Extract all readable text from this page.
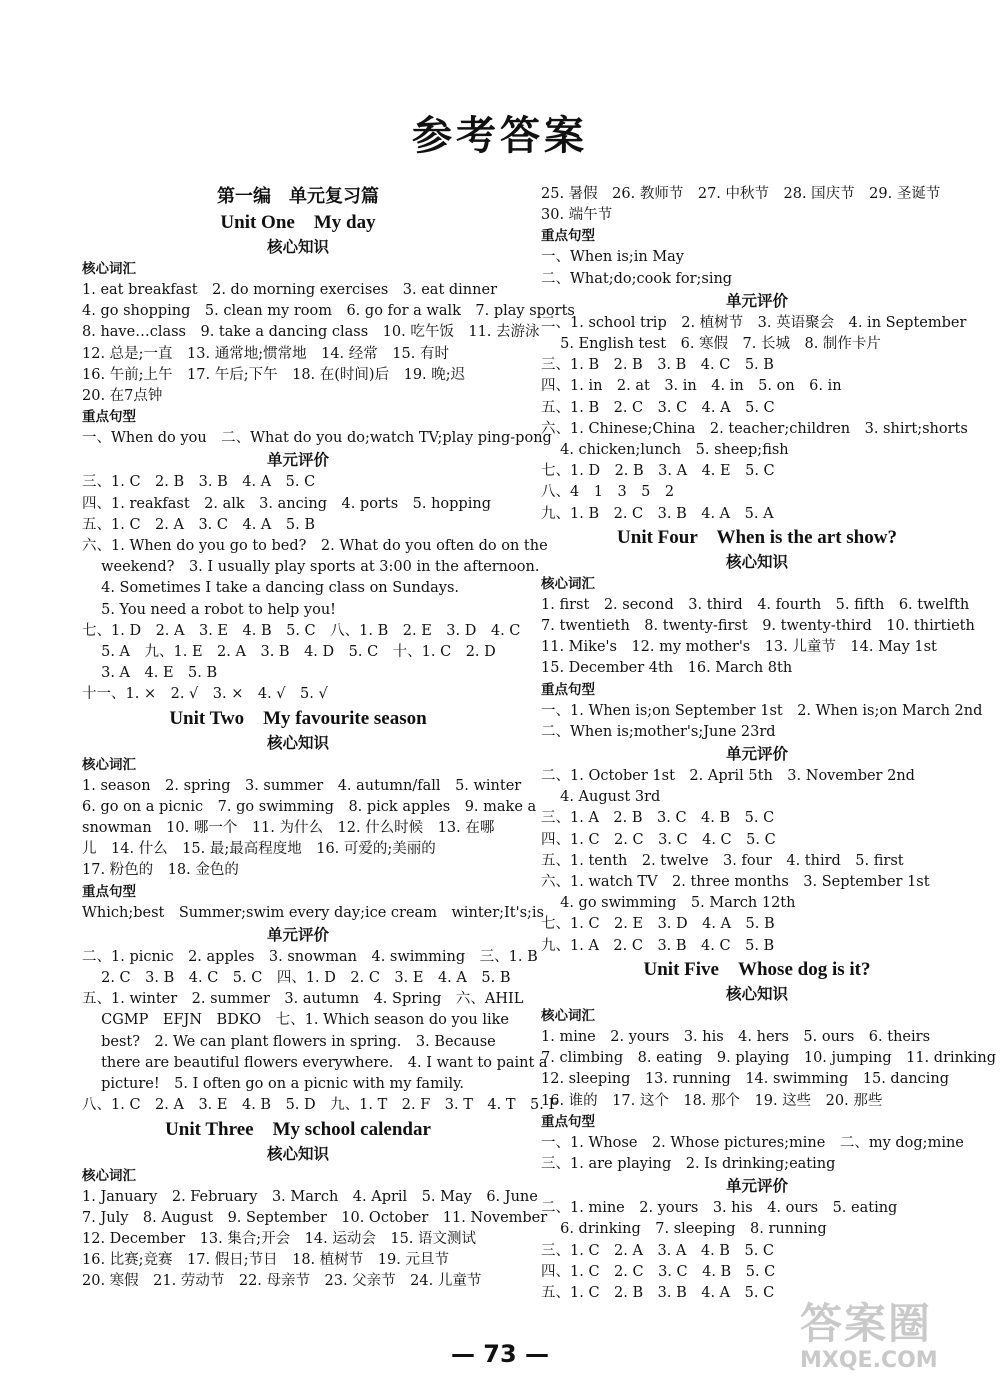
参考答案
第一编　单元复习篇
Unit One　My day
核心知识
核心词汇
1. eat breakfast　2. do morning exercises　3. eat dinner
4. go shopping　5. clean my room　6. go for a walk　7. play sports
8. have…class　9. take a dancing class　10. 吃午饭　11. 去游泳
12. 总是;一直　13. 通常地;惯常地　14. 经常　15. 有时
16. 午前;上午　17. 午后;下午　18. 在(时间)后　19. 晚;迟
20. 在7点钟
重点句型
一、When do you　二、What do you do;watch TV;play ping-pong
单元评价
三、1. C　2. B　3. B　4. A　5. C
四、1. reakfast　2. alk　3. ancing　4. ports　5. hopping
五、1. C　2. A　3. C　4. A　5. B
六、1. When do you go to bed?　2. What do you often do on the
　 weekend?　3. I usually play sports at 3:00 in the afternoon.
　 4. Sometimes I take a dancing class on Sundays.
　 5. You need a robot to help you!
七、1. D　2. A　3. E　4. B　5. C　八、1. B　2. E　3. D　4. C
　 5. A　九、1. E　2. A　3. B　4. D　5. C　十、1. C　2. D
　 3. A　4. E　5. B
十一、1. ×　2. √　3. ×　4. √　5. √
Unit Two　My favourite season
核心知识
核心词汇
1. season　2. spring　3. summer　4. autumn/fall　5. winter
6. go on a picnic　7. go swimming　8. pick apples　9. make a
snowman　10. 哪一个　11. 为什么　12. 什么时候　13. 在哪
儿　14. 什么　15. 最;最高程度地　16. 可爱的;美丽的
17. 粉色的　18. 金色的
重点句型
Which;best　Summer;swim every day;ice cream　winter;It's;is
单元评价
二、1. picnic　2. apples　3. snowman　4. swimming　三、1. B
　 2. C　3. B　4. C　5. C　四、1. D　2. C　3. E　4. A　5. B
五、1. winter　2. summer　3. autumn　4. Spring　六、AHIL
　 CGMP　EFJN　BDKO　七、1. Which season do you like
　 best?　2. We can plant flowers in spring.　3. Because
　 there are beautiful flowers everywhere.　4. I want to paint a
　 picture!　5. I often go on a picnic with my family.
八、1. C　2. A　3. E　4. B　5. D　九、1. T　2. F　3. T　4. T　5. F
Unit Three　My school calendar
核心知识
核心词汇
1. January　2. February　3. March　4. April　5. May　6. June
7. July　8. August　9. September　10. October　11. November
12. December　13. 集合;开会　14. 运动会　15. 语文测试
16. 比赛;竞赛　17. 假日;节日　18. 植树节　19. 元旦节
20. 寒假　21. 劳动节　22. 母亲节　23. 父亲节　24. 儿童节
25. 暑假　26. 教师节　27. 中秋节　28. 国庆节　29. 圣诞节
30. 端午节
重点句型
一、When is;in May
二、What;do;cook for;sing
单元评价
二、1. school trip　2. 植树节　3. 英语聚会　4. in September
　 5. English test　6. 寒假　7. 长城　8. 制作卡片
三、1. B　2. B　3. B　4. C　5. B
四、1. in　2. at　3. in　4. in　5. on　6. in
五、1. B　2. C　3. C　4. A　5. C
六、1. Chinese;China　2. teacher;children　3. shirt;shorts
　 4. chicken;lunch　5. sheep;fish
七、1. D　2. B　3. A　4. E　5. C
八、4　1　3　5　2
九、1. B　2. C　3. B　4. A　5. A
Unit Four　When is the art show?
核心知识
核心词汇
1. first　2. second　3. third　4. fourth　5. fifth　6. twelfth
7. twentieth　8. twenty-first　9. twenty-third　10. thirtieth
11. Mike's　12. my mother's　13. 儿童节　14. May 1st
15. December 4th　16. March 8th
重点句型
一、1. When is;on September 1st　2. When is;on March 2nd
二、When is;mother's;June 23rd
单元评价
二、1. October 1st　2. April 5th　3. November 2nd
　 4. August 3rd
三、1. A　2. B　3. C　4. B　5. C
四、1. C　2. C　3. C　4. C　5. C
五、1. tenth　2. twelve　3. four　4. third　5. first
六、1. watch TV　2. three months　3. September 1st
　 4. go swimming　5. March 12th
七、1. C　2. E　3. D　4. A　5. B
九、1. A　2. C　3. B　4. C　5. B
Unit Five　Whose dog is it?
核心知识
核心词汇
1. mine　2. yours　3. his　4. hers　5. ours　6. theirs
7. climbing　8. eating　9. playing　10. jumping　11. drinking
12. sleeping　13. running　14. swimming　15. dancing
16. 谁的　17. 这个　18. 那个　19. 这些　20. 那些
重点句型
一、1. Whose　2. Whose pictures;mine　二、my dog;mine
三、1. are playing　2. Is drinking;eating
单元评价
二、1. mine　2. yours　3. his　4. ours　5. eating
　 6. drinking　7. sleeping　8. running
三、1. C　2. A　3. A　4. B　5. C
四、1. C　2. C　3. C　4. B　5. C
五、1. C　2. B　3. B　4. A　5. C
— 73 —
答案圈
MXQE.COM
